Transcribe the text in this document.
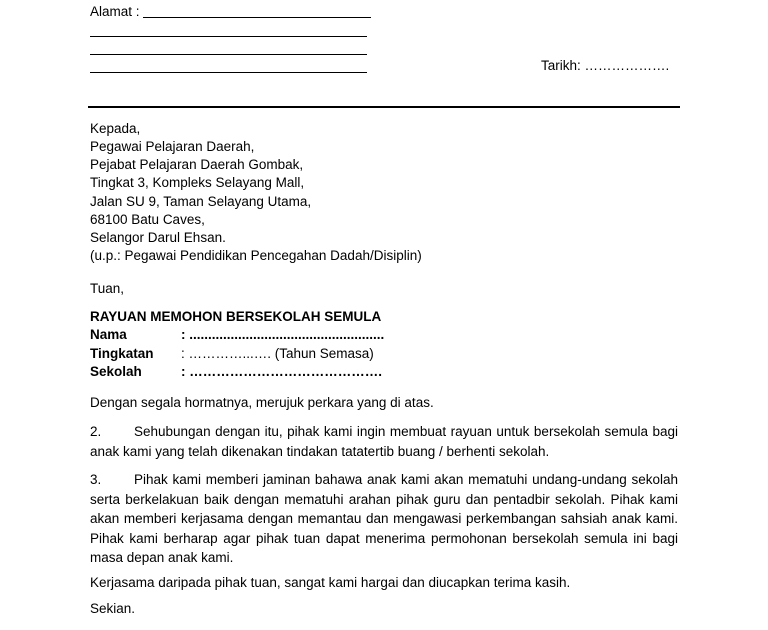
Alamat :
Tarikh: ……………….
Kepada,
Pegawai Pelajaran Daerah,
Pejabat Pelajaran Daerah Gombak,
Tingkat 3, Kompleks Selayang Mall,
Jalan SU 9, Taman Selayang Utama,
68100 Batu Caves,
Selangor Darul Ehsan.
(u.p.: Pegawai Pendidikan Pencegahan Dadah/Disiplin)
Tuan,
RAYUAN MEMOHON BERSEKOLAH SEMULA
Nama	: ....................................................
Tingkatan : …………...…. (Tahun Semasa)
Sekolah	: …………………………………….
Dengan segala hormatnya, merujuk perkara yang di atas.
2. Sehubungan dengan itu, pihak kami ingin membuat rayuan untuk bersekolah semula bagi anak kami yang telah dikenakan tindakan tatatertib buang / berhenti sekolah.
3. Pihak kami memberi jaminan bahawa anak kami akan mematuhi undang-undang sekolah serta berkelakuan baik dengan mematuhi arahan pihak guru dan pentadbir sekolah. Pihak kami akan memberi kerjasama dengan memantau dan mengawasi perkembangan sahsiah anak kami. Pihak kami berharap agar pihak tuan dapat menerima permohonan bersekolah semula ini bagi masa depan anak kami.
Kerjasama daripada pihak tuan, sangat kami hargai dan diucapkan terima kasih.
Sekian.
